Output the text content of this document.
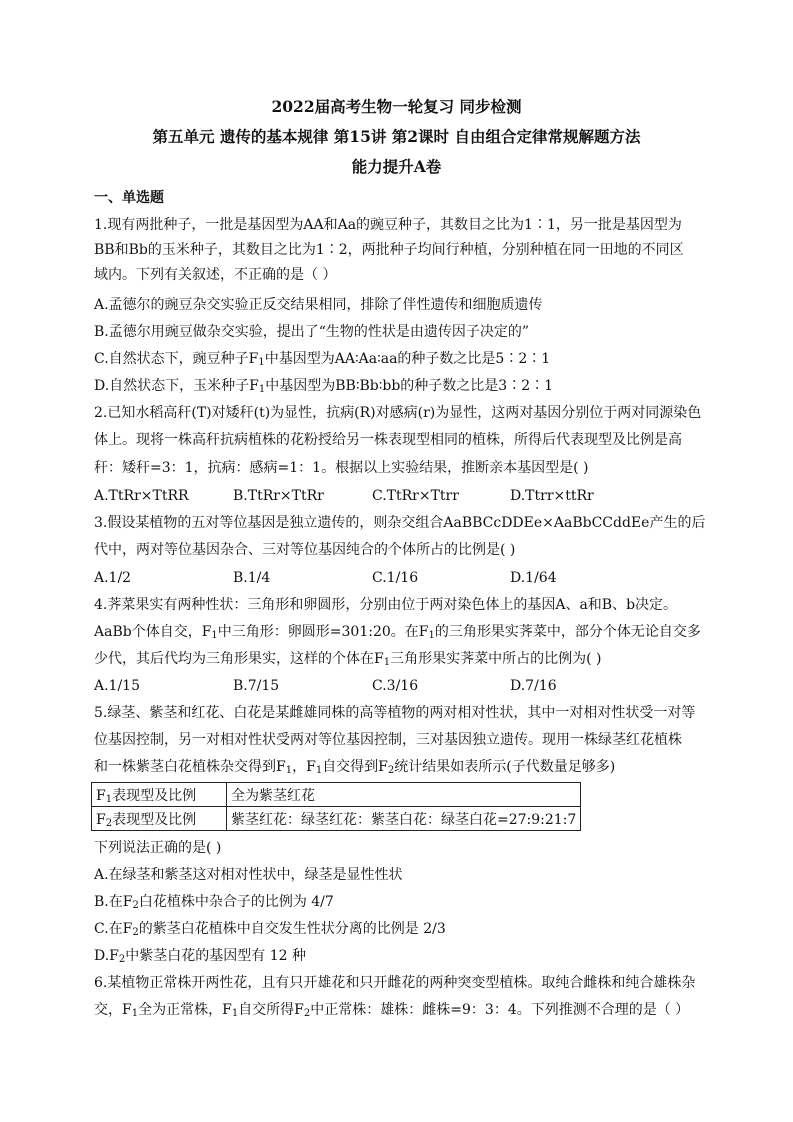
2022届高考生物一轮复习 同步检测
第五单元 遗传的基本规律 第15讲 第2课时 自由组合定律常规解题方法
能力提升A卷
一、单选题
1.现有两批种子，一批是基因型为AA和Aa的豌豆种子，其数目之比为1∶1，另一批是基因型为
BB和Bb的玉米种子，其数目之比为1∶2，两批种子均间行种植，分别种植在同一田地的不同区
域内。下列有关叙述，不正确的是（ ）
A.孟德尔的豌豆杂交实验正反交结果相同，排除了伴性遗传和细胞质遗传
B.孟德尔用豌豆做杂交实验，提出了“生物的性状是由遗传因子决定的”
C.自然状态下，豌豆种子$F_1$中基因型为AA∶Aa∶aa的种子数之比是5∶2∶1
D.自然状态下，玉米种子$F_1$中基因型为BB∶Bb∶bb的种子数之比是3∶2∶1
2.已知水稻高秆(T)对矮秆(t)为显性，抗病(R)对感病(r)为显性，这两对基因分别位于两对同源染色
体上。现将一株高秆抗病植株的花粉授给另一株表现型相同的植株，所得后代表现型及比例是高
秆：矮秆=3：1，抗病：感病=1：1。根据以上实验结果，推断亲本基因型是( )
A.TtRr×TtRR	B.TtRr×TtRr	C.TtRr×Ttrr	D.Ttrr×ttRr
3.假设某植物的五对等位基因是独立遗传的，则杂交组合AaBBCcDDEe×AaBbCCddEe产生的后
代中，两对等位基因杂合、三对等位基因纯合的个体所占的比例是( )
A.1/2	B.1/4	C.1/16	D.1/64
4.荠菜果实有两种性状：三角形和卵圆形，分别由位于两对染色体上的基因A、a和B、b决定。
AaBb个体自交，$F_1$中三角形：卵圆形=301:20。在$F_1$的三角形果实荠菜中，部分个体无论自交多
少代，其后代均为三角形果实，这样的个体在$F_1$三角形果实荠菜中所占的比例为( )
A.1/15	B.7/15	C.3/16	D.7/16
5.绿茎、紫茎和红花、白花是某雌雄同株的高等植物的两对相对性状，其中一对相对性状受一对等
位基因控制，另一对相对性状受两对等位基因控制，三对基因独立遗传。现用一株绿茎红花植株
和一株紫茎白花植株杂交得到$F_1$，$F_1$自交得到$F_2$统计结果如表所示(子代数量足够多)
$F_1$表现型及比例	全为紫茎红花
$F_2$表现型及比例	紫茎红花：绿茎红花：紫茎白花：绿茎白花=27:9:21:7
下列说法正确的是( )
A.在绿茎和紫茎这对相对性状中，绿茎是显性性状
B.在$F_2$白花植株中杂合子的比例为 4/7
C.在$F_2$的紫茎白花植株中自交发生性状分离的比例是 2/3
$D.F_2$中紫茎白花的基因型有 12 种
6.某植物正常株开两性花，且有只开雄花和只开雌花的两种突变型植株。取纯合雌株和纯合雄株杂
交，$F_1$全为正常株，$F_1$自交所得$F_2$中正常株：雄株：雌株=9：3：4。下列推测不合理的是（ ）
